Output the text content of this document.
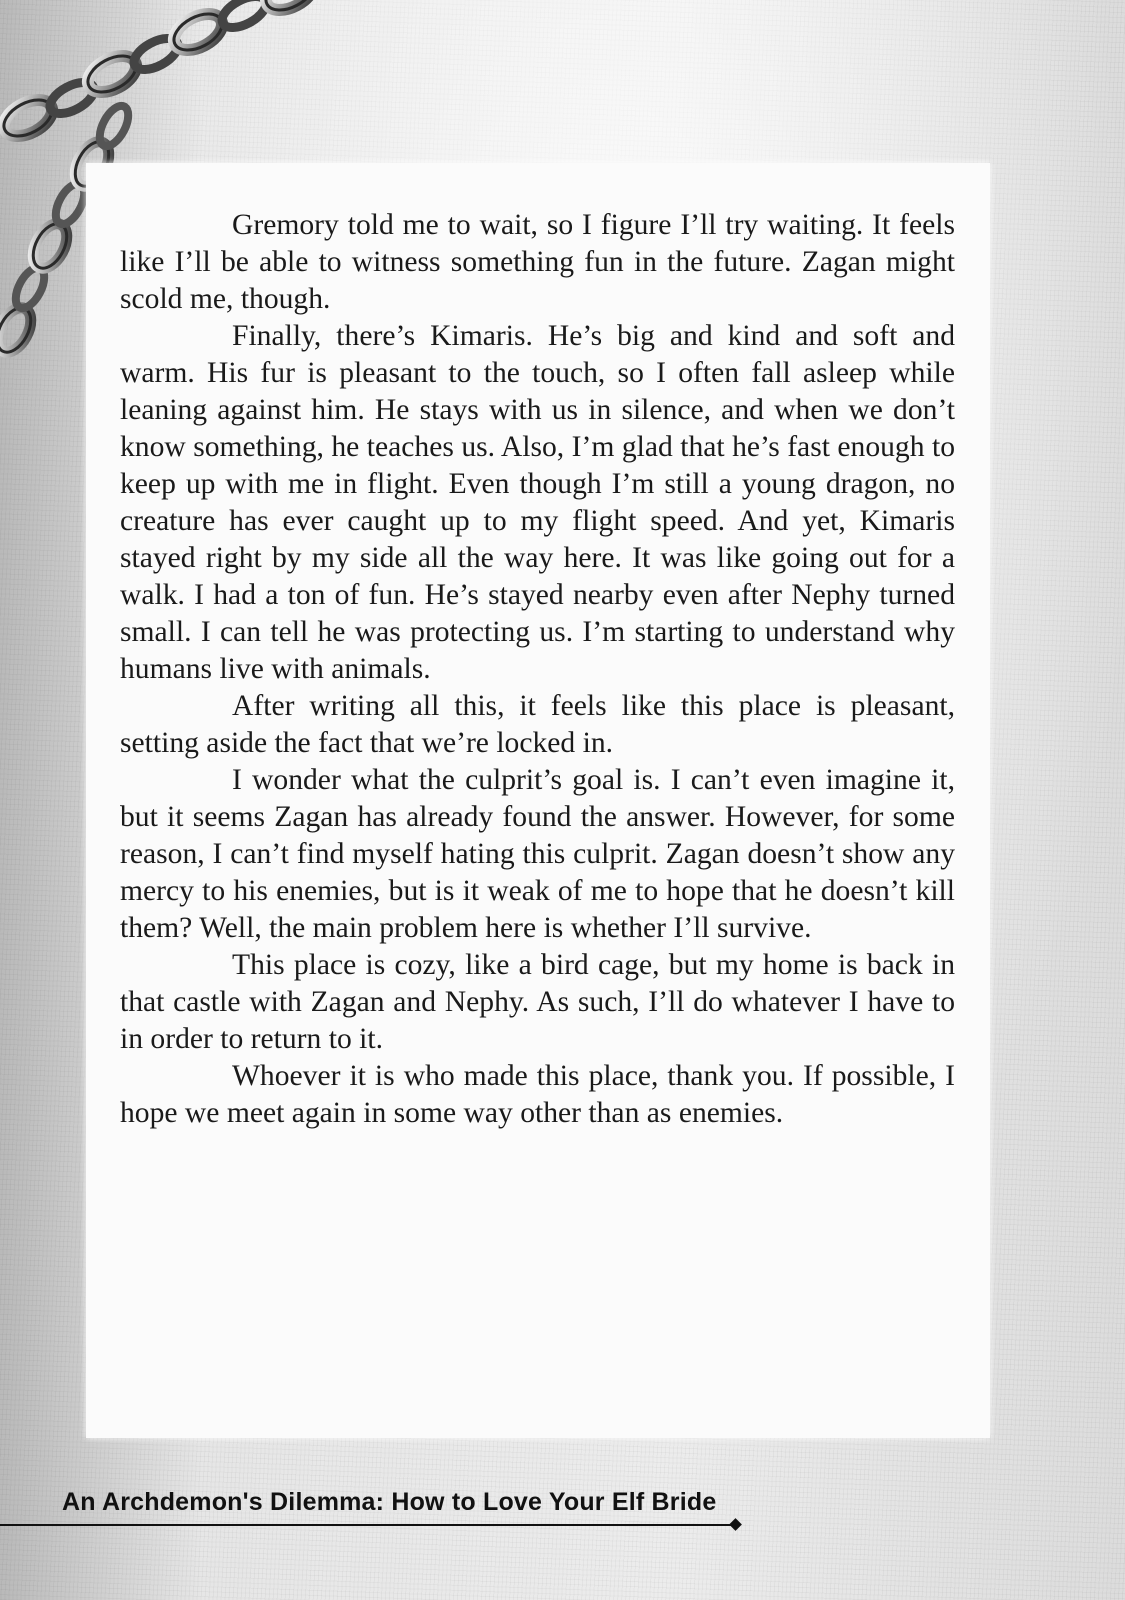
Gremory told me to wait, so I figure I’ll try waiting. It feels like I’ll be able to witness something fun in the future. Zagan might scold me, though.

Finally, there’s Kimaris. He’s big and kind and soft and warm. His fur is pleasant to the touch, so I often fall asleep while leaning against him. He stays with us in silence, and when we don’t know something, he teaches us. Also, I’m glad that he’s fast enough to keep up with me in flight. Even though I’m still a young dragon, no creature has ever caught up to my flight speed. And yet, Kimaris stayed right by my side all the way here. It was like going out for a walk. I had a ton of fun. He’s stayed nearby even after Nephy turned small. I can tell he was protecting us. I’m starting to understand why humans live with animals.

After writing all this, it feels like this place is pleasant, setting aside the fact that we’re locked in.

I wonder what the culprit’s goal is. I can’t even imagine it, but it seems Zagan has already found the answer. However, for some reason, I can’t find myself hating this culprit. Zagan doesn’t show any mercy to his enemies, but is it weak of me to hope that he doesn’t kill them? Well, the main problem here is whether I’ll survive.

This place is cozy, like a bird cage, but my home is back in that castle with Zagan and Nephy. As such, I’ll do whatever I have to in order to return to it.

Whoever it is who made this place, thank you. If possible, I hope we meet again in some way other than as enemies.

An Archdemon's Dilemma: How to Love Your Elf Bride
